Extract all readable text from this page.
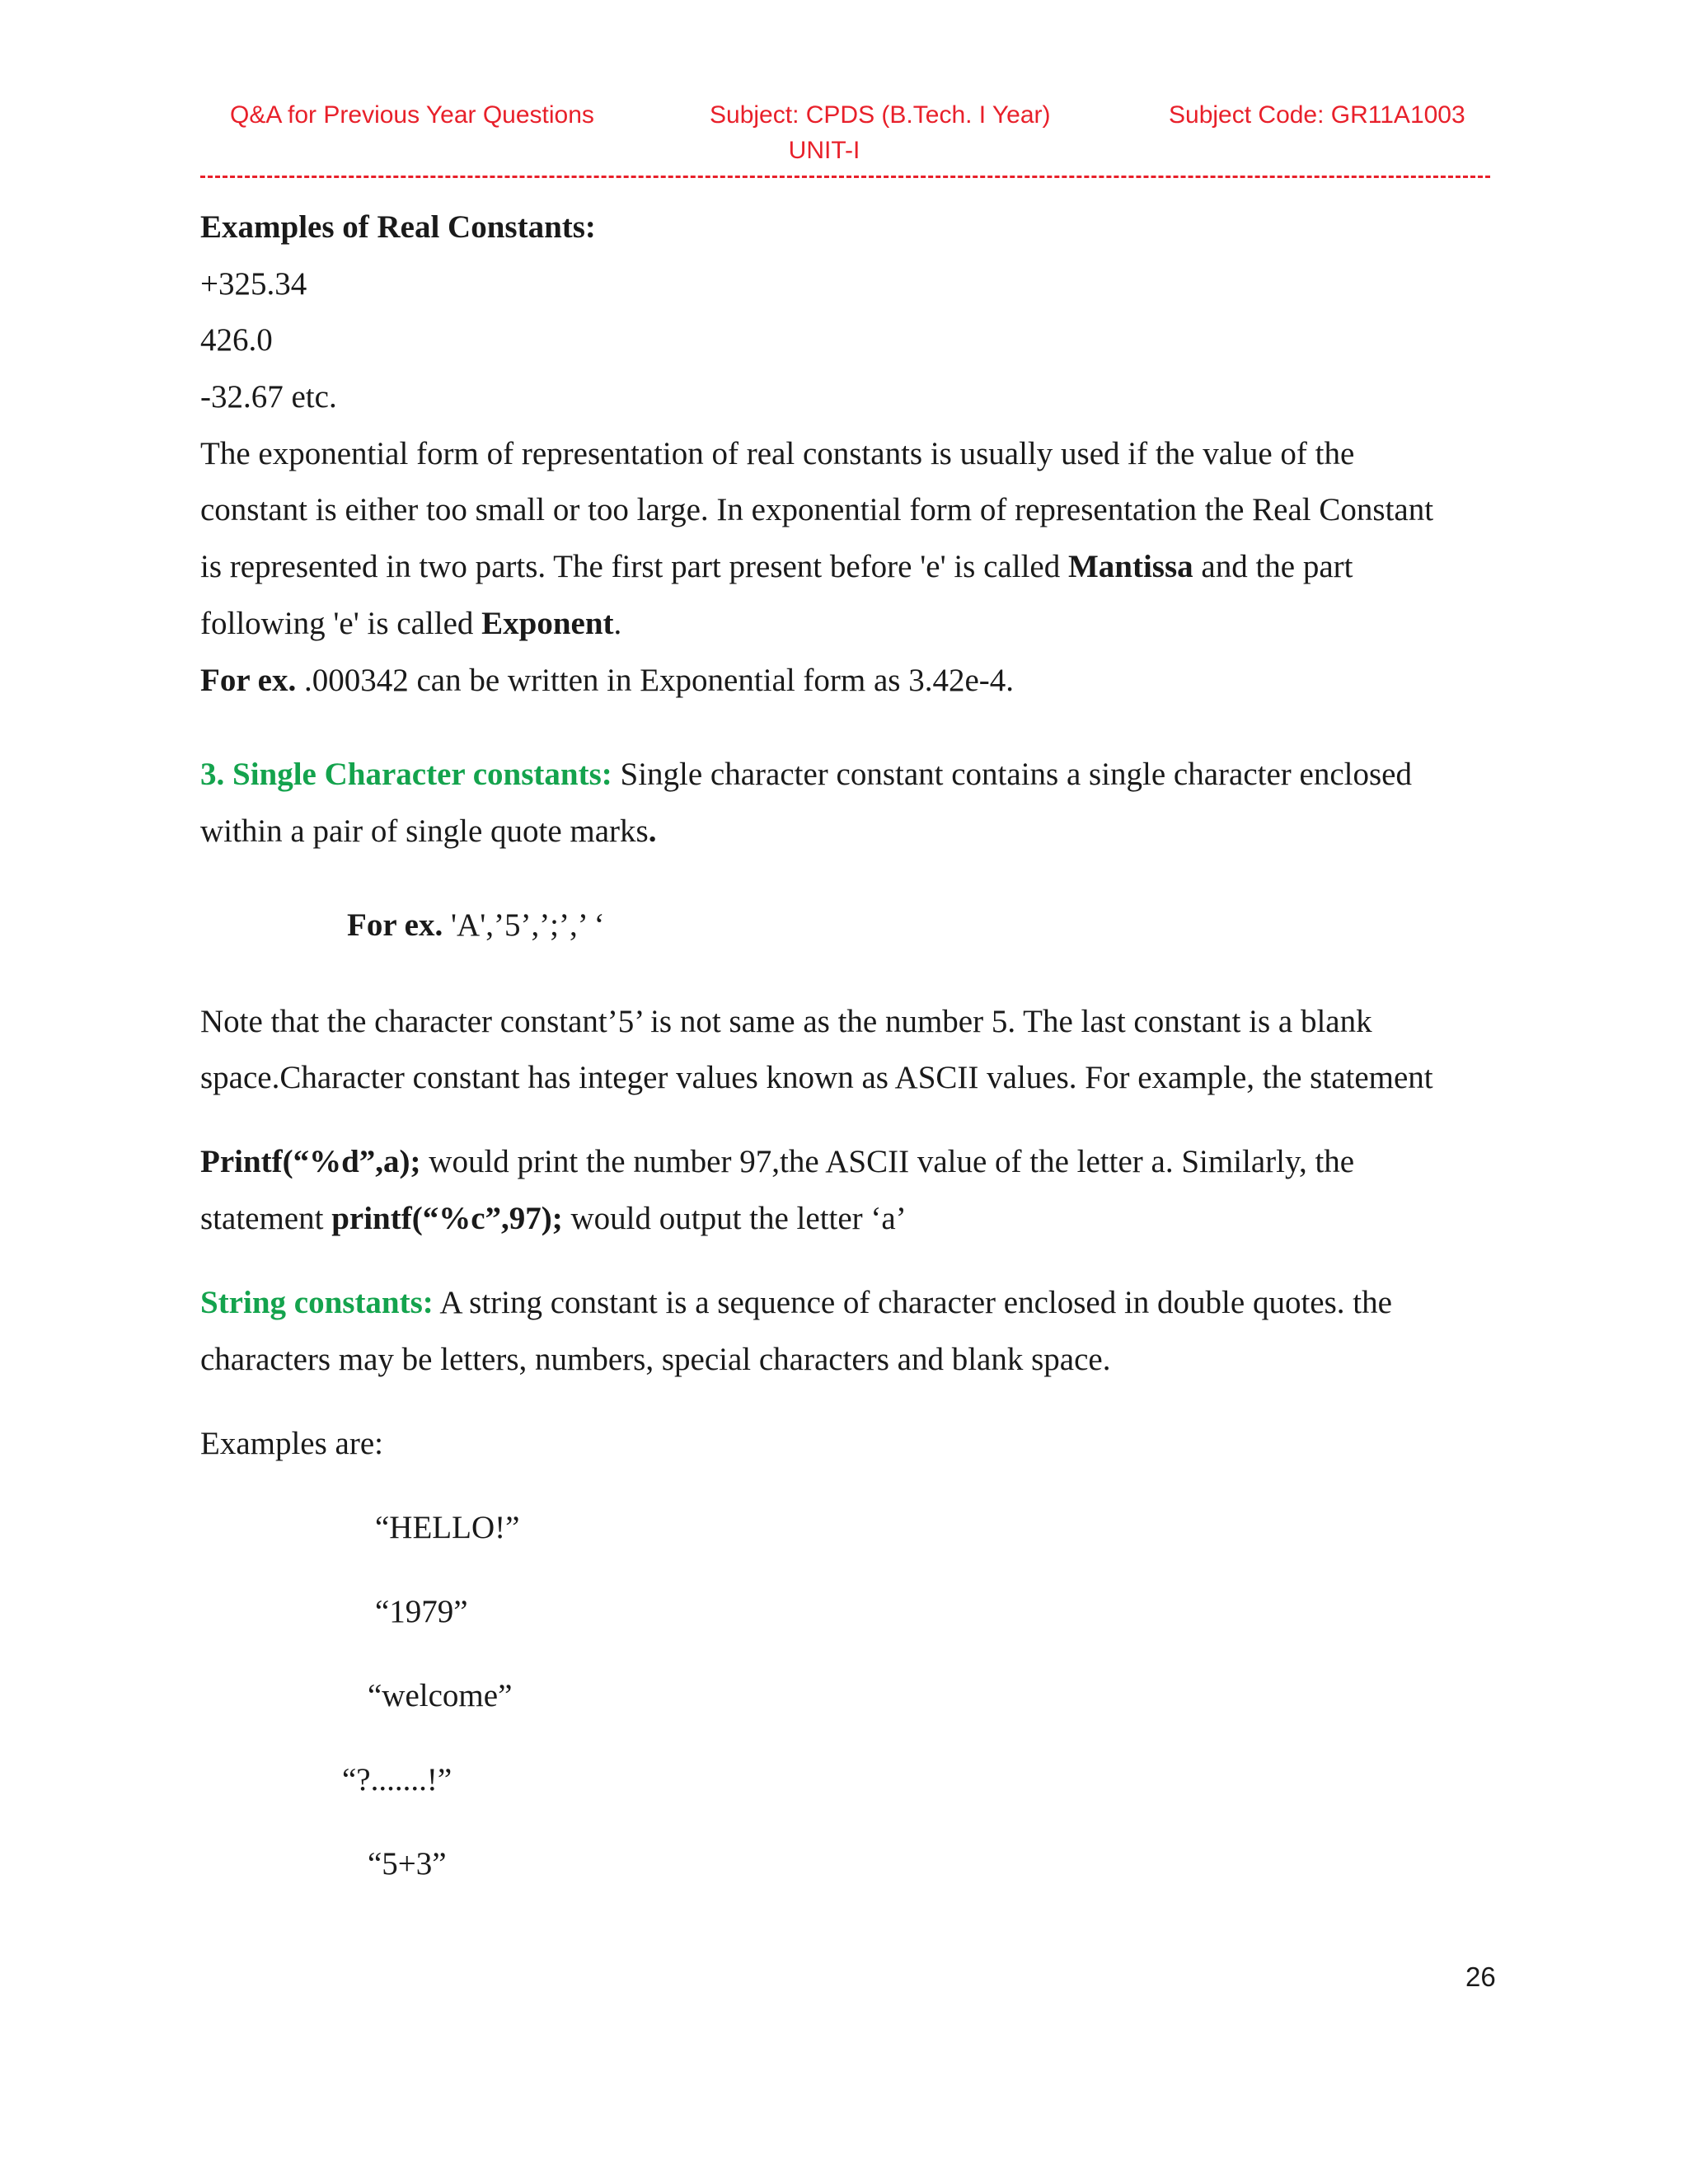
Q&A for Previous Year Questions	Subject: CPDS (B.Tech. I Year)	Subject Code: GR11A1003
UNIT-I
Examples of Real Constants:
+325.34
426.0
-32.67 etc.
The exponential form of representation of real constants is usually used if the value of the
constant is either too small or too large. In exponential form of representation the Real Constant
is represented in two parts. The first part present before 'e' is called Mantissa and the part
following 'e' is called Exponent.
For ex. .000342 can be written in Exponential form as 3.42e-4.
3. Single Character constants: Single character constant contains a single character enclosed
within a pair of single quote marks.
For ex. 'A',’5’,’;’,’ ‘
Note that the character constant’5’ is not same as the number 5. The last constant is a blank
space.Character constant has integer values known as ASCII values. For example, the statement
Printf(“%d”,a); would print the number 97,the ASCII value of the letter a. Similarly, the
statement printf(“%c”,97); would output the letter ‘a’
String constants: A string constant is a sequence of character enclosed in double quotes. the
characters may be letters, numbers, special characters and blank space.
Examples are:
“HELLO!”
“1979”
“welcome”
“?.......!”
“5+3”
26
